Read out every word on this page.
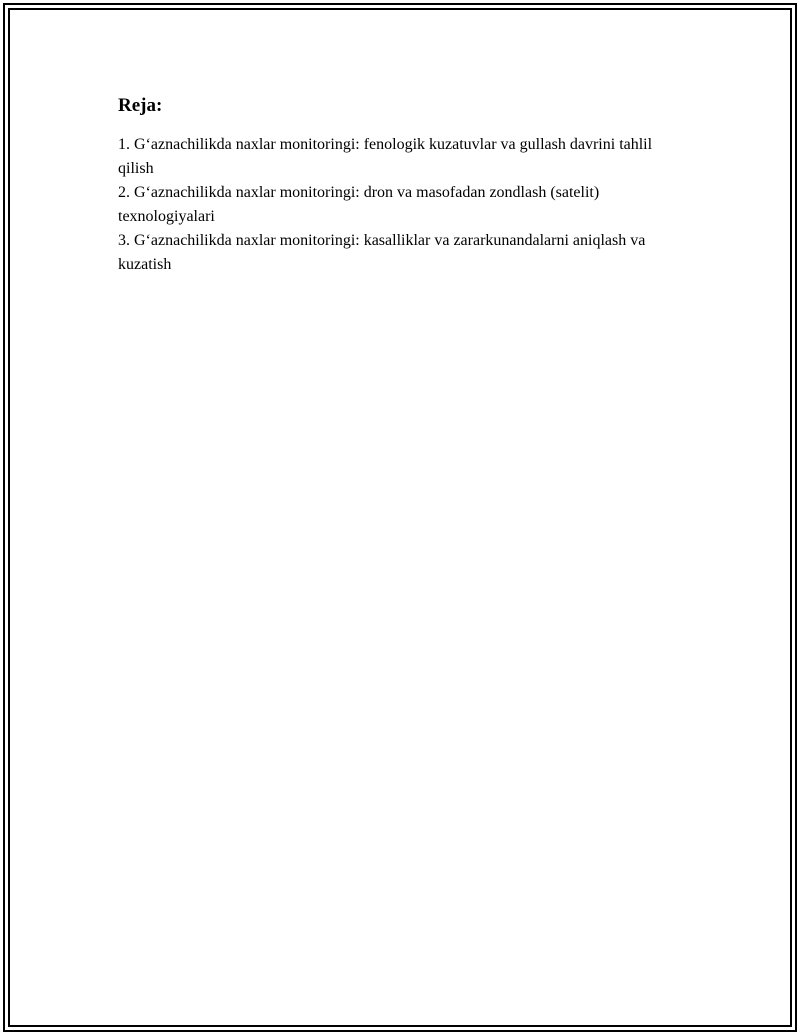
Reja:
1. G‘aznachilikda naxlar monitoringi: fenologik kuzatuvlar va gullash davrini tahlil qilish
2. G‘aznachilikda naxlar monitoringi: dron va masofadan zondlash (satelit) texnologiyalari
3. G‘aznachilikda naxlar monitoringi: kasalliklar va zararkunandalarni aniqlash va kuzatish
